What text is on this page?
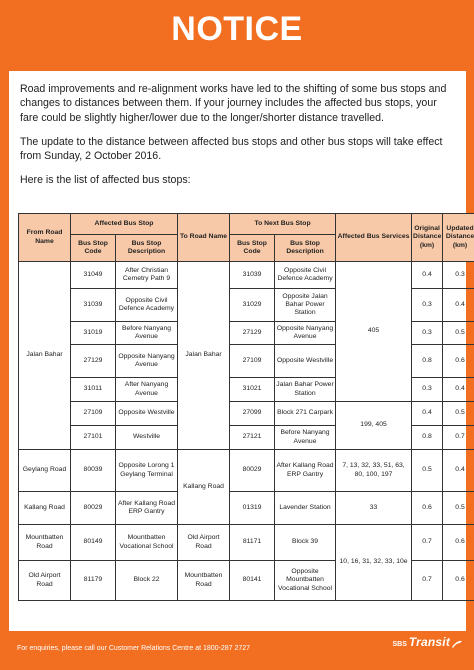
NOTICE

Road improvements and re-alignment works have led to the shifting of some bus stops and changes to distances between them. If your journey includes the affected bus stops, your fare could be slightly higher/lower due to the longer/shorter distance travelled.

The update to the distance between affected bus stops and other bus stops will take effect from Sunday, 2 October 2016.

Here is the list of affected bus stops:

From Road Name	Affected Bus Stop		To Road Name	To Next Bus Stop		Affected Bus Services	Original Distance (km)	Updated Distance (km)
	Bus Stop Code	Bus Stop Description		Bus Stop Code	Bus Stop Description			
Jalan Bahar	31049	After Christian Cemetry Path 9	Jalan Bahar	31039	Opposite Civil Defence Academy	405	0.4	0.3
	31039	Opposite Civil Defence Academy		31029	Opposite Jalan Bahar Power Station		0.3	0.4
	31019	Before Nanyang Avenue		27129	Opposite Nanyang Avenue		0.3	0.5
	27129	Opposite Nanyang Avenue		27109	Opposite Westville		0.8	0.6
	31011	After Nanyang Avenue		31021	Jalan Bahar Power Station		0.3	0.4
	27109	Opposite Westville		27099	Block 271 Carpark	199, 405	0.4	0.5
	27101	Westville		27121	Before Nanyang Avenue		0.8	0.7
Geylang Road	80039	Opposite Lorong 1 Geylang Terminal	Kallang Road	80029	After Kallang Road ERP Gantry	7, 13, 32, 33, 51, 63, 80, 100, 197	0.5	0.4
Kallang Road	80029	After Kallang Road ERP Gantry		01319	Lavender Station	33	0.6	0.5
Mountbatten Road	80149	Mountbatten Vocational School	Old Airport Road	81171	Block 39	10, 16, 31, 32, 33, 10e	0.7	0.6
Old Airport Road	81179	Block 22	Mountbatten Road	80141	Opposite Mountbatten Vocational School		0.7	0.6
For enquiries, please call our Customer Relations Centre at 1800-287 2727
SBS Transit
